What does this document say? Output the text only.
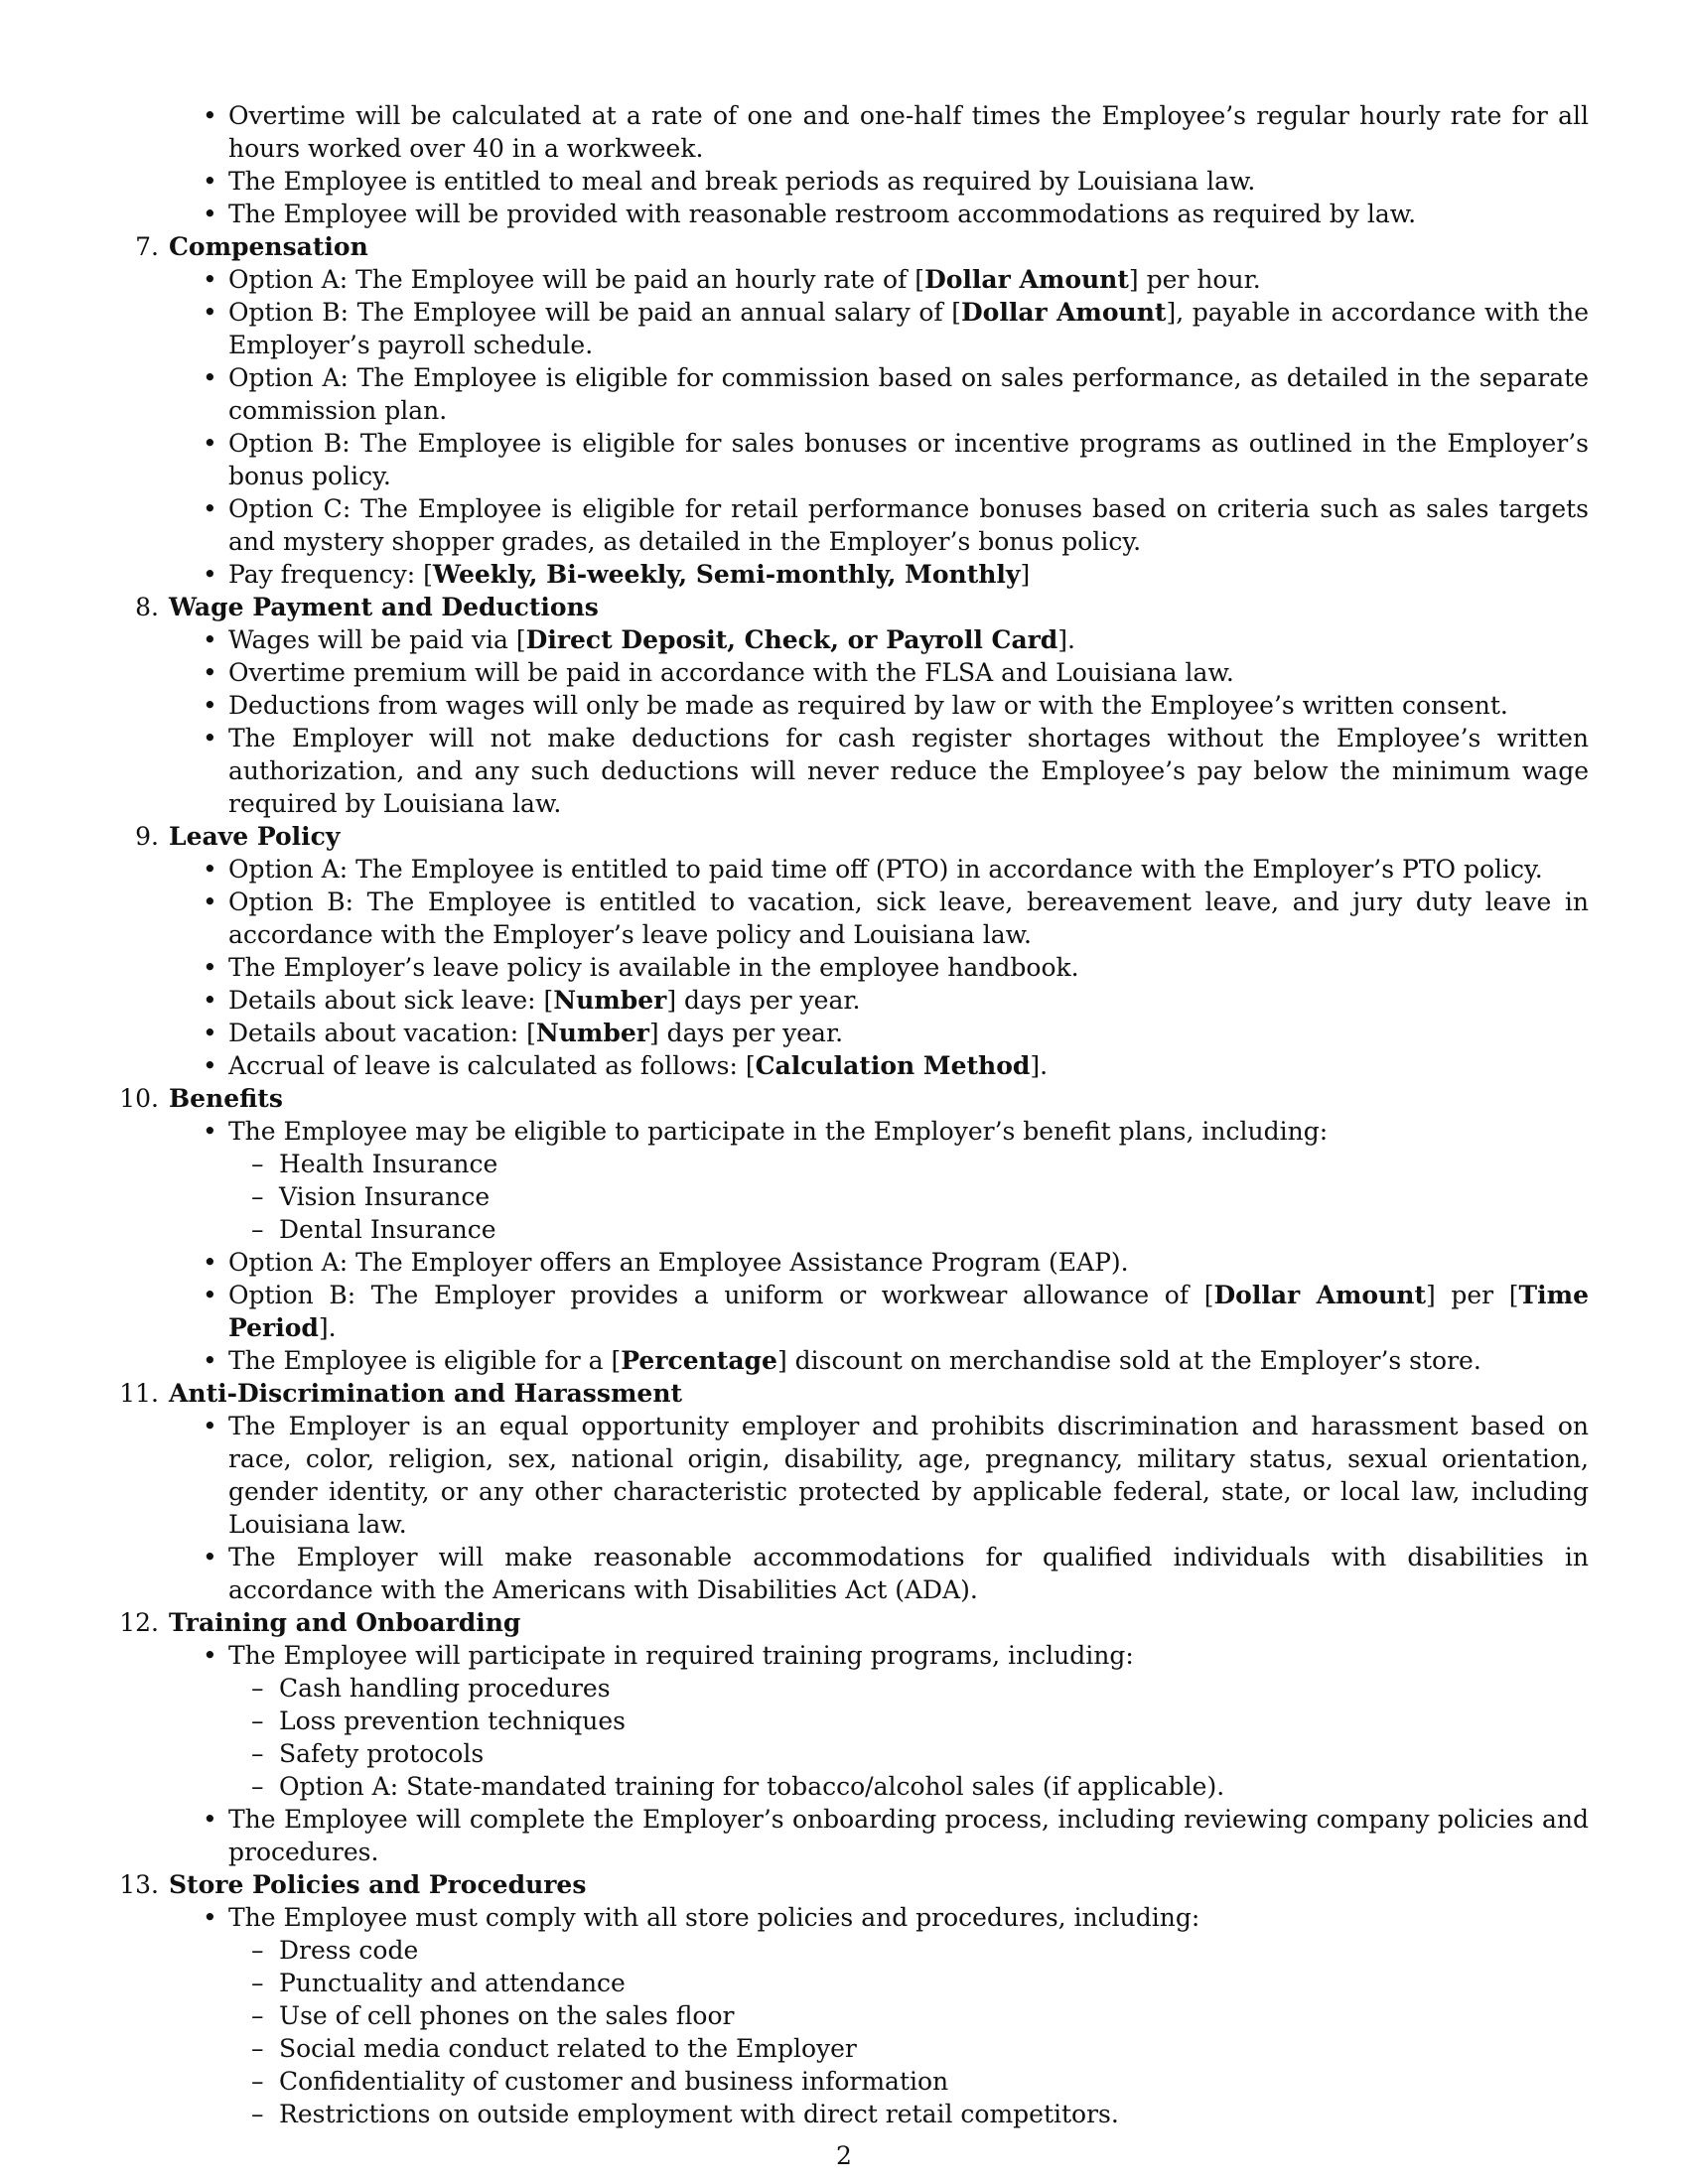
• Overtime will be calculated at a rate of one and one-half times the Employee’s regular hourly rate for all hours worked over 40 in a workweek.
• The Employee is entitled to meal and break periods as required by Louisiana law.
• The Employee will be provided with reasonable restroom accommodations as required by law.
7. Compensation
• Option A: The Employee will be paid an hourly rate of [Dollar Amount] per hour.
• Option B: The Employee will be paid an annual salary of [Dollar Amount], payable in accordance with the Employer’s payroll schedule.
• Option A: The Employee is eligible for commission based on sales performance, as detailed in the separate commission plan.
• Option B: The Employee is eligible for sales bonuses or incentive programs as outlined in the Employer’s bonus policy.
• Option C: The Employee is eligible for retail performance bonuses based on criteria such as sales targets and mystery shopper grades, as detailed in the Employer’s bonus policy.
• Pay frequency: [Weekly, Bi-weekly, Semi-monthly, Monthly]
8. Wage Payment and Deductions
• Wages will be paid via [Direct Deposit, Check, or Payroll Card].
• Overtime premium will be paid in accordance with the FLSA and Louisiana law.
• Deductions from wages will only be made as required by law or with the Employee’s written consent.
• The Employer will not make deductions for cash register shortages without the Employee’s written authorization, and any such deductions will never reduce the Employee’s pay below the minimum wage required by Louisiana law.
9. Leave Policy
• Option A: The Employee is entitled to paid time off (PTO) in accordance with the Employer’s PTO policy.
• Option B: The Employee is entitled to vacation, sick leave, bereavement leave, and jury duty leave in accordance with the Employer’s leave policy and Louisiana law.
• The Employer’s leave policy is available in the employee handbook.
• Details about sick leave: [Number] days per year.
• Details about vacation: [Number] days per year.
• Accrual of leave is calculated as follows: [Calculation Method].
10. Benefits
• The Employee may be eligible to participate in the Employer’s benefit plans, including:
– Health Insurance
– Vision Insurance
– Dental Insurance
• Option A: The Employer offers an Employee Assistance Program (EAP).
• Option B: The Employer provides a uniform or workwear allowance of [Dollar Amount] per [Time Period].
• The Employee is eligible for a [Percentage] discount on merchandise sold at the Employer’s store.
11. Anti-Discrimination and Harassment
• The Employer is an equal opportunity employer and prohibits discrimination and harassment based on race, color, religion, sex, national origin, disability, age, pregnancy, military status, sexual orientation, gender identity, or any other characteristic protected by applicable federal, state, or local law, including Louisiana law.
• The Employer will make reasonable accommodations for qualified individuals with disabilities in accordance with the Americans with Disabilities Act (ADA).
12. Training and Onboarding
• The Employee will participate in required training programs, including:
– Cash handling procedures
– Loss prevention techniques
– Safety protocols
– Option A: State-mandated training for tobacco/alcohol sales (if applicable).
• The Employee will complete the Employer’s onboarding process, including reviewing company policies and procedures.
13. Store Policies and Procedures
• The Employee must comply with all store policies and procedures, including:
– Dress code
– Punctuality and attendance
– Use of cell phones on the sales floor
– Social media conduct related to the Employer
– Confidentiality of customer and business information
– Restrictions on outside employment with direct retail competitors.
2
